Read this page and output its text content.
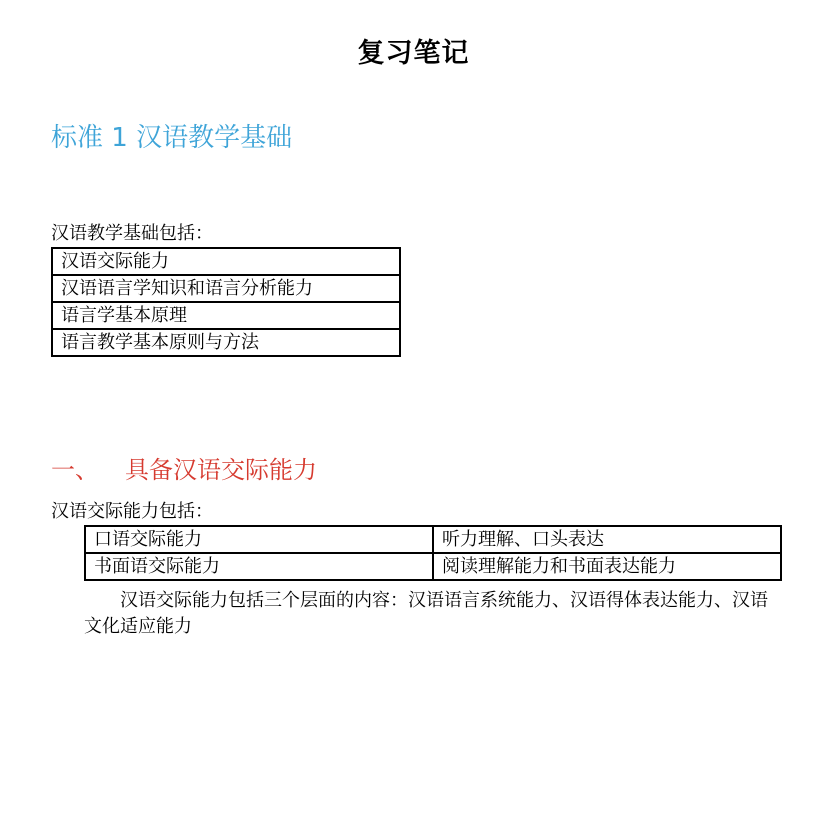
复习笔记
标准 1 汉语教学基础
汉语教学基础包括：
汉语交际能力
汉语语言学知识和语言分析能力
语言学基本原理
语言教学基本原则与方法
一、 具备汉语交际能力
汉语交际能力包括：
口语交际能力	听力理解、口头表达
书面语交际能力	阅读理解能力和书面表达能力
汉语交际能力包括三个层面的内容：汉语语言系统能力、汉语得体表达能力、汉语文化适应能力
